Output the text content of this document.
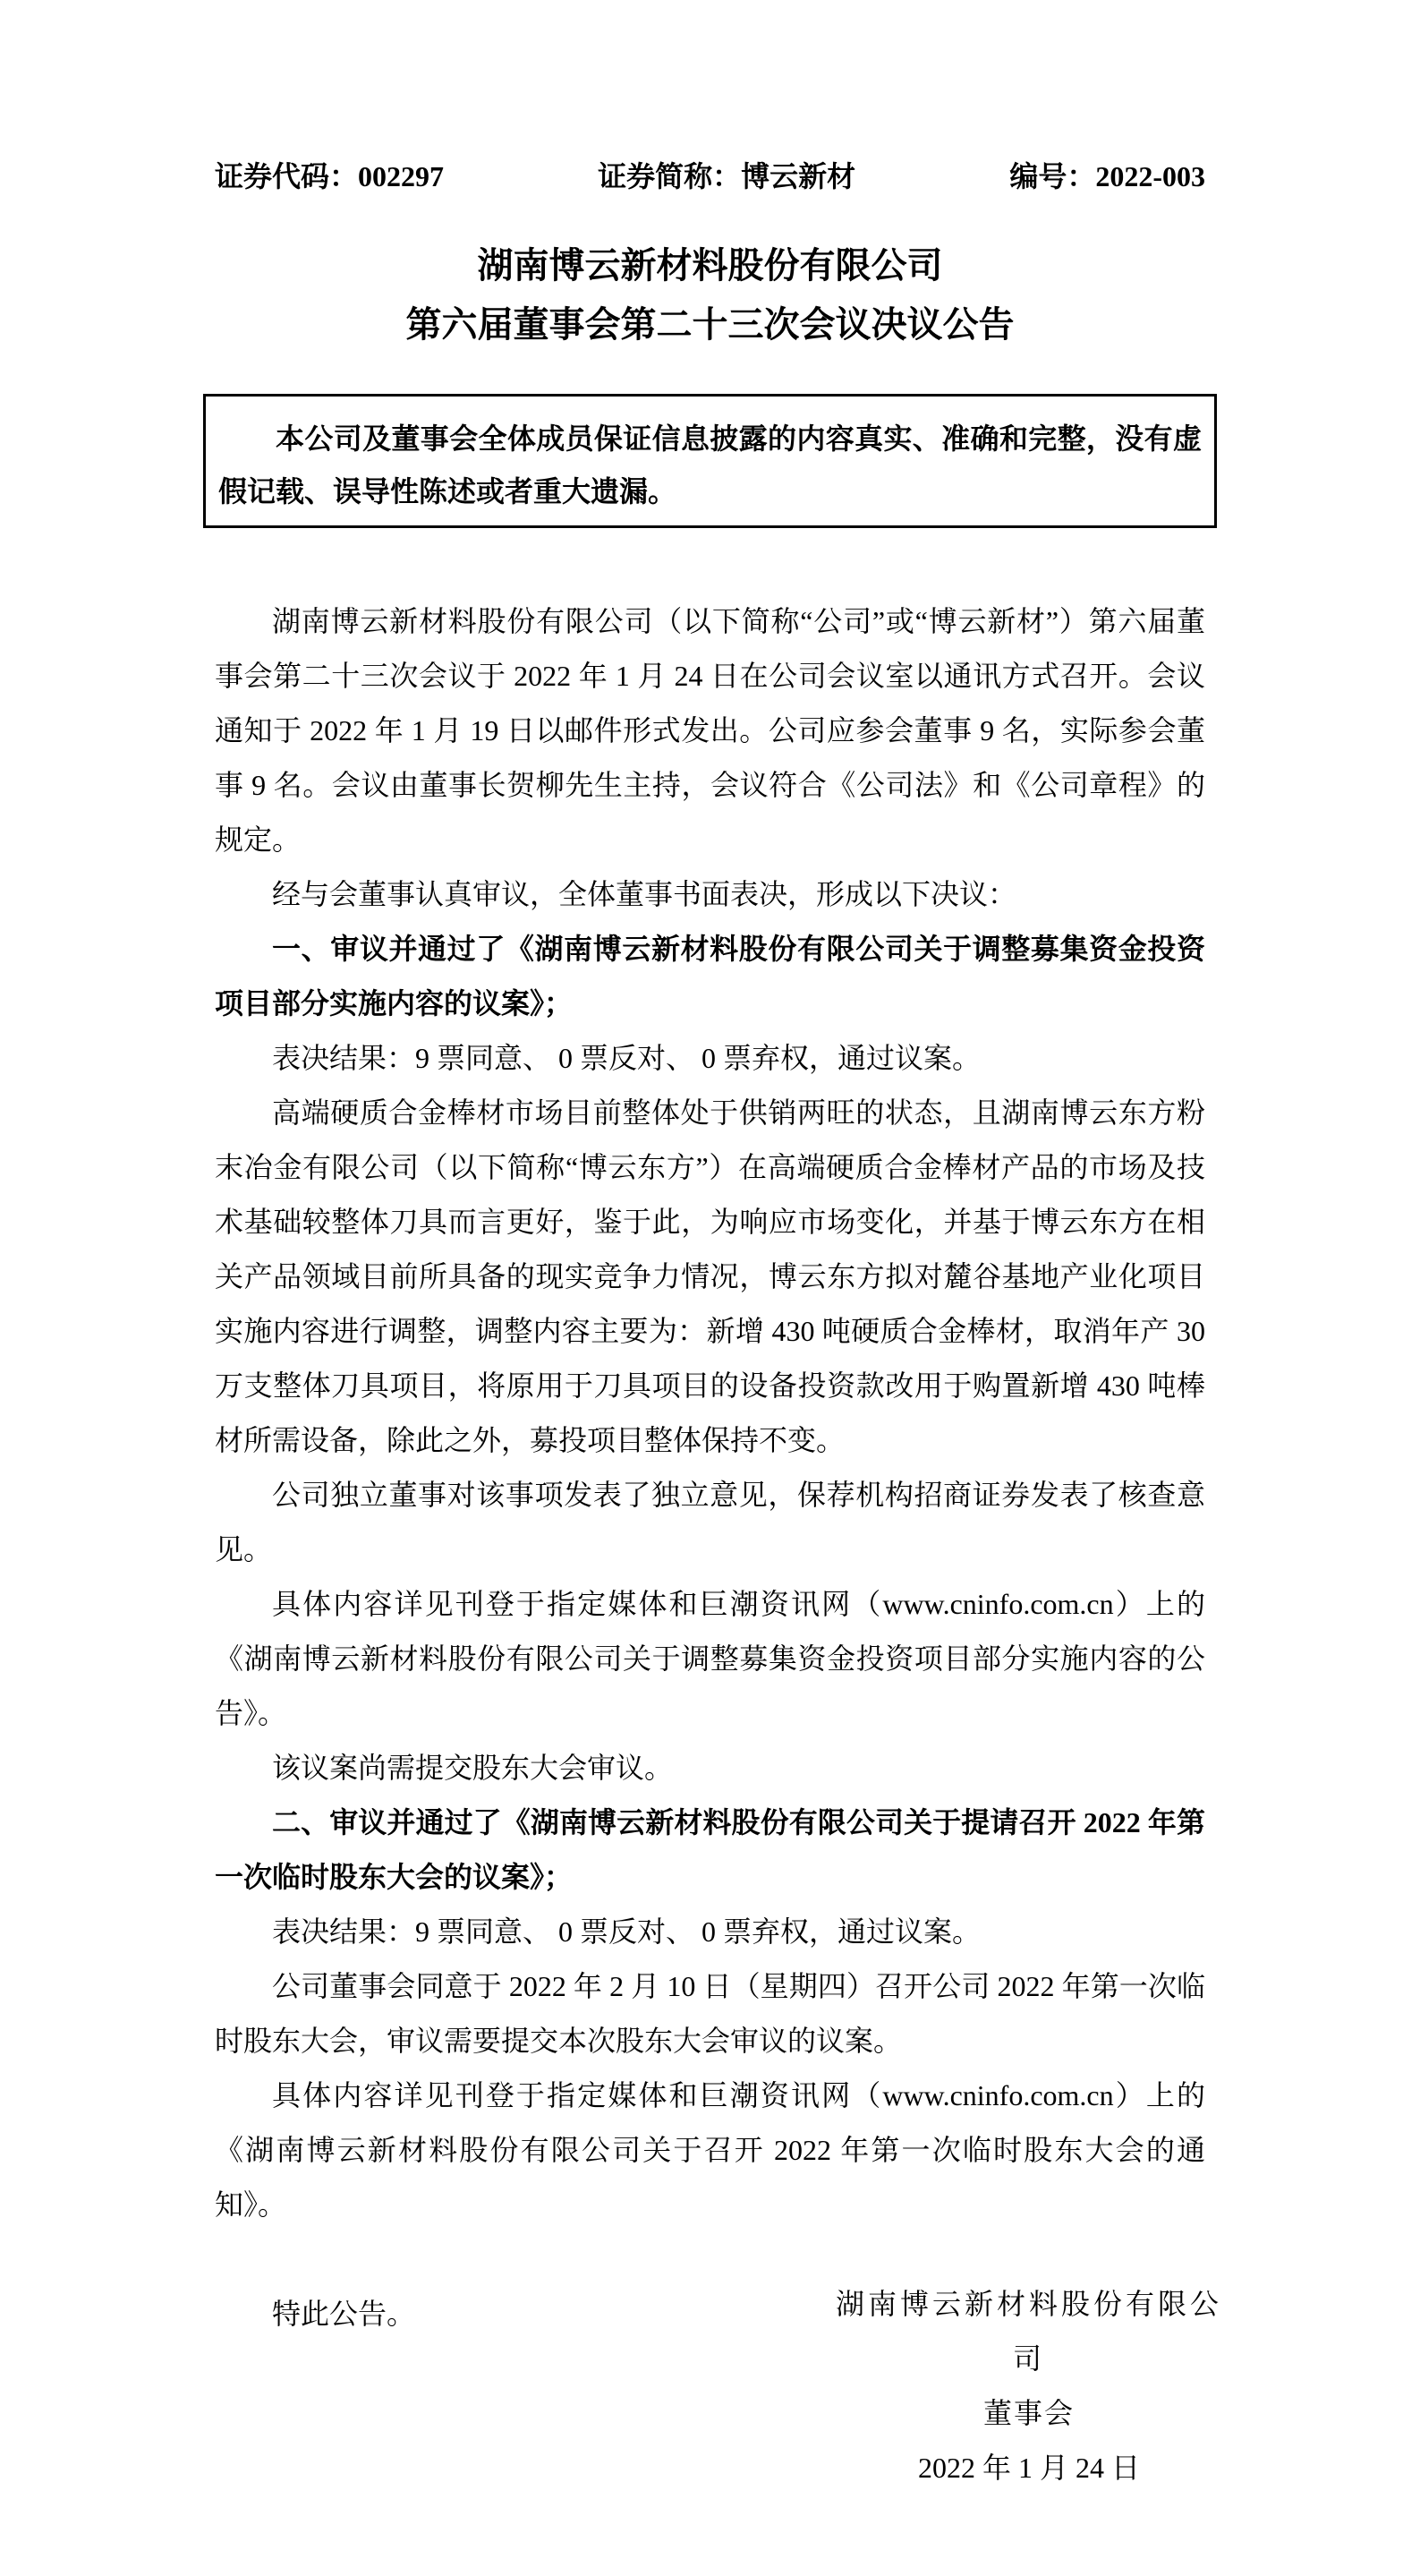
证券代码：002297	证券简称：博云新材	编号：2022-003
湖南博云新材料股份有限公司
第六届董事会第二十三次会议决议公告
本公司及董事会全体成员保证信息披露的内容真实、准确和完整，没有虚假记载、误导性陈述或者重大遗漏。

湖南博云新材料股份有限公司（以下简称“公司”或“博云新材”）第六届董事会第二十三次会议于 2022 年 1 月 24 日在公司会议室以通讯方式召开。会议通知于 2022 年 1 月 19 日以邮件形式发出。公司应参会董事 9 名，实际参会董事 9 名。会议由董事长贺柳先生主持，会议符合《公司法》和《公司章程》的规定。

经与会董事认真审议，全体董事书面表决，形成以下决议：

一、审议并通过了《湖南博云新材料股份有限公司关于调整募集资金投资项目部分实施内容的议案》；

表决结果：9 票同意、 0 票反对、 0 票弃权，通过议案。

高端硬质合金棒材市场目前整体处于供销两旺的状态，且湖南博云东方粉末冶金有限公司（以下简称“博云东方”）在高端硬质合金棒材产品的市场及技术基础较整体刀具而言更好，鉴于此，为响应市场变化，并基于博云东方在相关产品领域目前所具备的现实竞争力情况，博云东方拟对麓谷基地产业化项目实施内容进行调整，调整内容主要为：新增 430 吨硬质合金棒材，取消年产 30 万支整体刀具项目，将原用于刀具项目的设备投资款改用于购置新增 430 吨棒材所需设备，除此之外，募投项目整体保持不变。

公司独立董事对该事项发表了独立意见，保荐机构招商证券发表了核查意见。

具体内容详见刊登于指定媒体和巨潮资讯网（www.cninfo.com.cn）上的《湖南博云新材料股份有限公司关于调整募集资金投资项目部分实施内容的公告》。

该议案尚需提交股东大会审议。

二、审议并通过了《湖南博云新材料股份有限公司关于提请召开 2022 年第一次临时股东大会的议案》；

表决结果：9 票同意、 0 票反对、 0 票弃权，通过议案。

公司董事会同意于 2022 年 2 月 10 日（星期四）召开公司 2022 年第一次临时股东大会，审议需要提交本次股东大会审议的议案。

具体内容详见刊登于指定媒体和巨潮资讯网（www.cninfo.com.cn）上的《湖南博云新材料股份有限公司关于召开 2022 年第一次临时股东大会的通知》。

特此公告。	湖南博云新材料股份有限公司
董事会
2022 年 1 月 24 日
